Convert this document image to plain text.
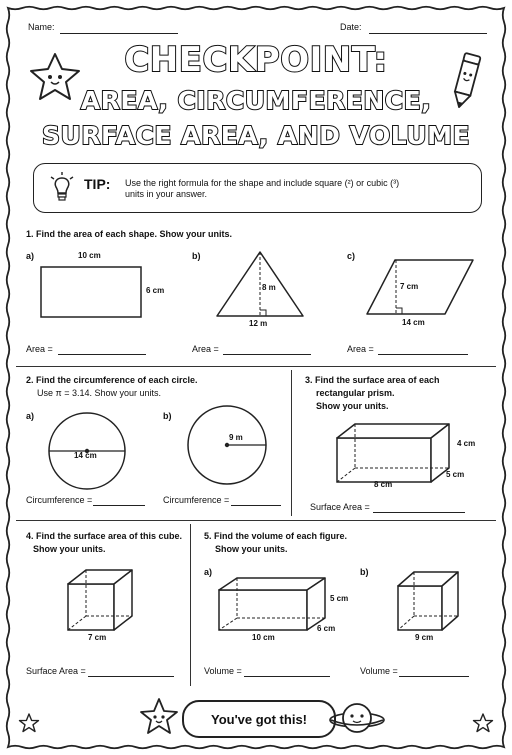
Name:	Date:
CHECKPOINT:
AREA, CIRCUMFERENCE,
SURFACE AREA, AND VOLUME
TIP: Use the right formula for the shape and include square (²) or cubic (³)
units in your answer.
1. Find the area of each shape. Show your units.
a)	10 cm
6 cm
Area =
b)
8 m
12 m
Area =
c)
7 cm
14 cm
Area =
2. Find the circumference of each circle.
Use π = 3.14. Show your units.
a)
14 cm
Circumference =
b)
9 m
Circumference =
3. Find the surface area of each
rectangular prism.
Show your units.
4 cm
5 cm
8 cm
Surface Area =
4. Find the surface area of this cube.
Show your units.
7 cm
Surface Area =
5. Find the volume of each figure.
Show your units.
a)
5 cm
6 cm
10 cm
Volume =
b)
9 cm
Volume =
You've got this!
